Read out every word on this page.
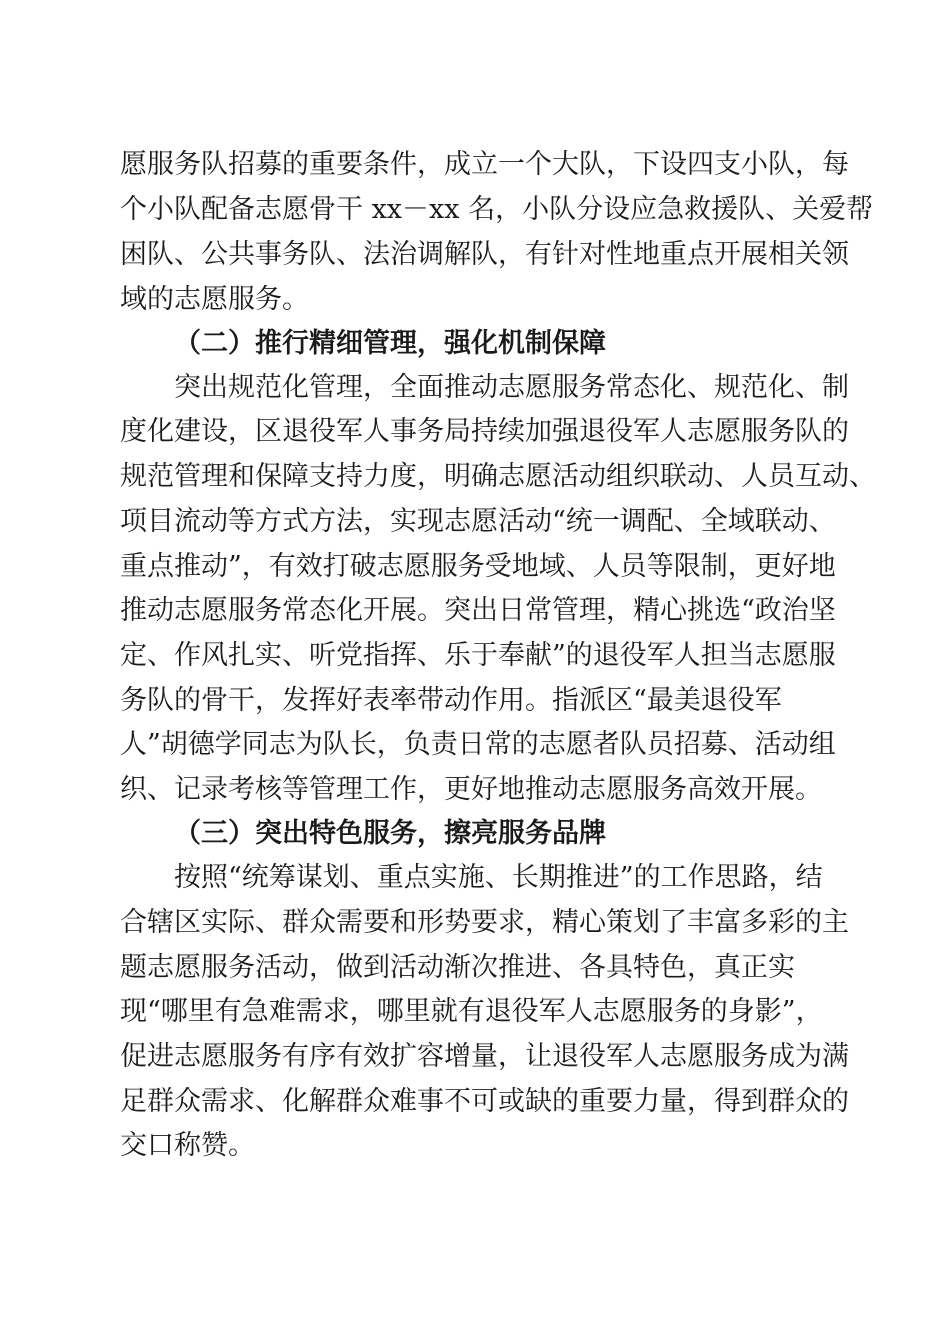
愿服务队招募的重要条件，成立一个大队，下设四支小队，每
个小队配备志愿骨干 xx－xx 名，小队分设应急救援队、关爱帮
困队、公共事务队、法治调解队，有针对性地重点开展相关领
域的志愿服务。
（二）推行精细管理，强化机制保障
突出规范化管理，全面推动志愿服务常态化、规范化、制
度化建设，区退役军人事务局持续加强退役军人志愿服务队的
规范管理和保障支持力度，明确志愿活动组织联动、人员互动、
项目流动等方式方法，实现志愿活动“统一调配、全域联动、
重点推动”，有效打破志愿服务受地域、人员等限制，更好地
推动志愿服务常态化开展。突出日常管理，精心挑选“政治坚
定、作风扎实、听党指挥、乐于奉献”的退役军人担当志愿服
务队的骨干，发挥好表率带动作用。指派区“最美退役军
人”胡德学同志为队长，负责日常的志愿者队员招募、活动组
织、记录考核等管理工作，更好地推动志愿服务高效开展。
（三）突出特色服务，擦亮服务品牌
按照“统筹谋划、重点实施、长期推进”的工作思路，结
合辖区实际、群众需要和形势要求，精心策划了丰富多彩的主
题志愿服务活动，做到活动渐次推进、各具特色，真正实
现“哪里有急难需求，哪里就有退役军人志愿服务的身影”，
促进志愿服务有序有效扩容增量，让退役军人志愿服务成为满
足群众需求、化解群众难事不可或缺的重要力量，得到群众的
交口称赞。
